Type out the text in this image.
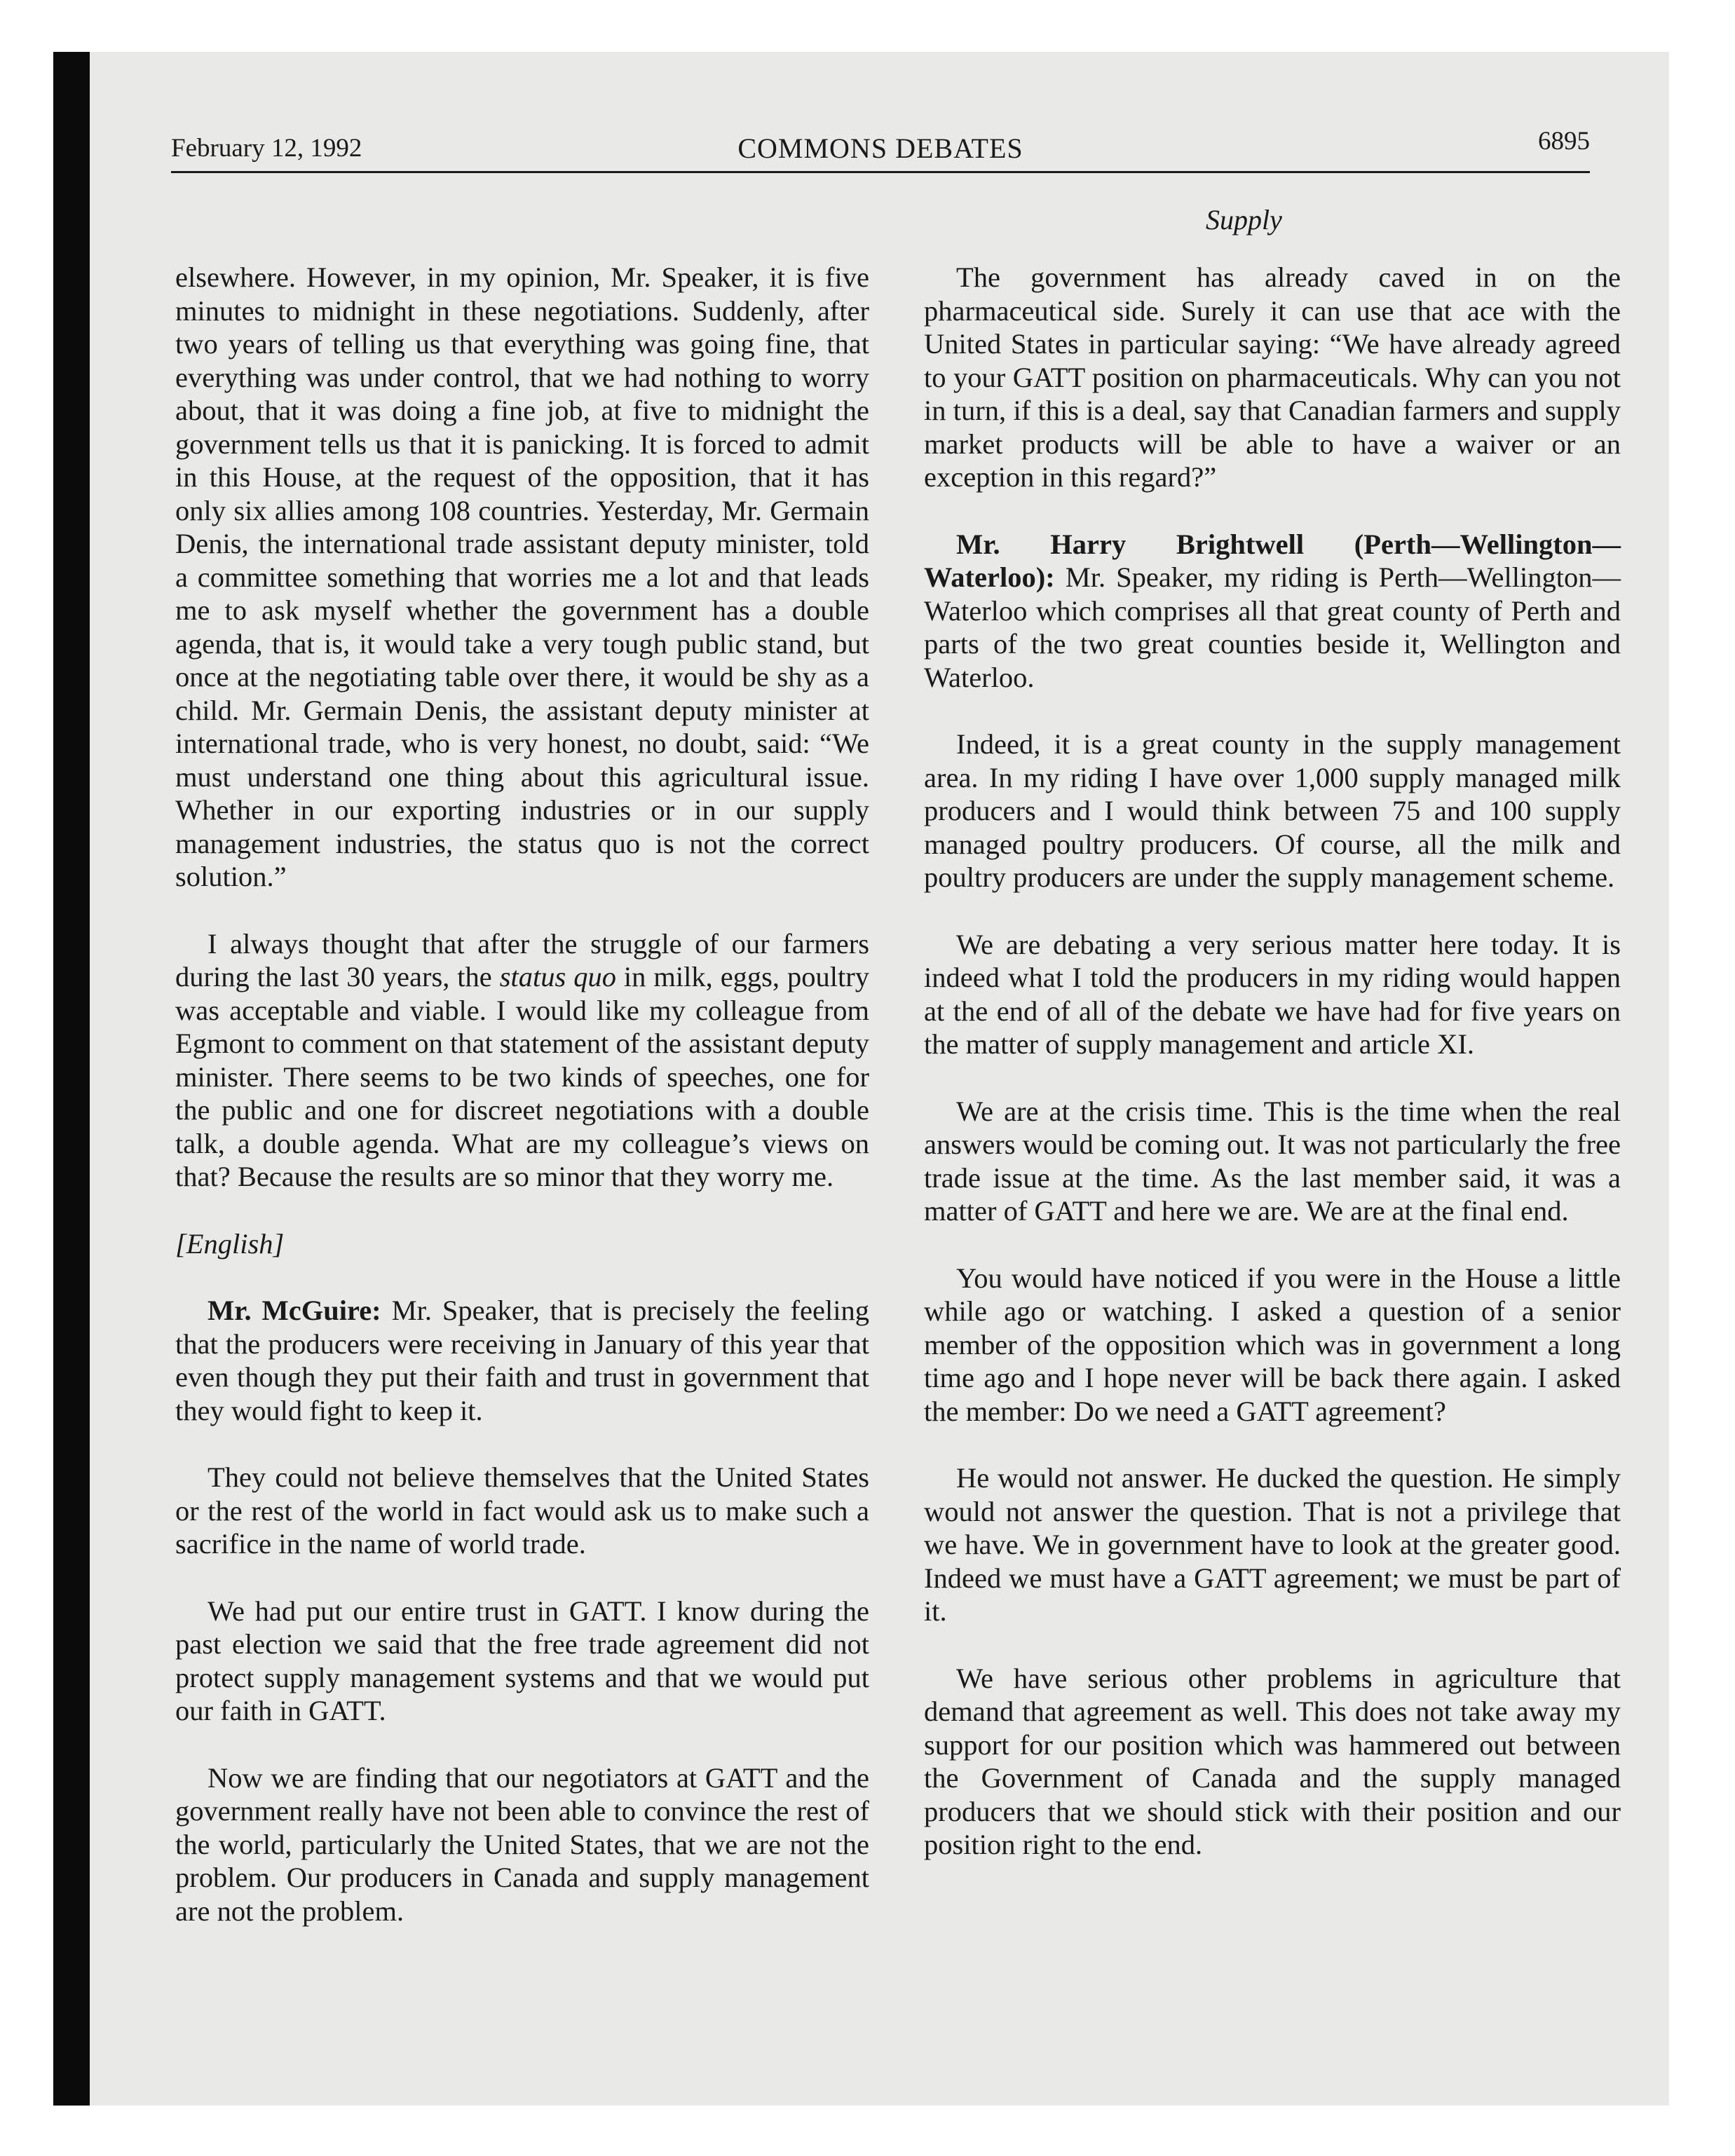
February 12, 1992	COMMONS DEBATES	6895
Supply

elsewhere. However, in my opinion, Mr. Speaker, it is five minutes to midnight in these negotiations. Suddenly, after two years of telling us that everything was going fine, that everything was under control, that we had nothing to worry about, that it was doing a fine job, at five to midnight the government tells us that it is panicking. It is forced to admit in this House, at the request of the opposition, that it has only six allies among 108 countries. Yesterday, Mr. Germain Denis, the international trade assistant deputy minister, told a committee something that worries me a lot and that leads me to ask myself whether the government has a double agenda, that is, it would take a very tough public stand, but once at the negotiating table over there, it would be shy as a child. Mr. Germain Denis, the assistant deputy minister at international trade, who is very honest, no doubt, said: “We must understand one thing about this agricultural issue. Whether in our exporting industries or in our supply management industries, the status quo is not the correct solution.”

I always thought that after the struggle of our farmers during the last 30 years, the status quo in milk, eggs, poultry was acceptable and viable. I would like my colleague from Egmont to comment on that statement of the assistant deputy minister. There seems to be two kinds of speeches, one for the public and one for discreet negotiations with a double talk, a double agenda. What are my colleague’s views on that? Because the results are so minor that they worry me.

[English]

Mr. McGuire: Mr. Speaker, that is precisely the feeling that the producers were receiving in January of this year that even though they put their faith and trust in government that they would fight to keep it.

They could not believe themselves that the United States or the rest of the world in fact would ask us to make such a sacrifice in the name of world trade.

We had put our entire trust in GATT. I know during the past election we said that the free trade agreement did not protect supply management systems and that we would put our faith in GATT.

Now we are finding that our negotiators at GATT and the government really have not been able to convince the rest of the world, particularly the United States, that we are not the problem. Our producers in Canada and supply management are not the problem.

The government has already caved in on the pharmaceutical side. Surely it can use that ace with the United States in particular saying: “We have already agreed to your GATT position on pharmaceuticals. Why can you not in turn, if this is a deal, say that Canadian farmers and supply market products will be able to have a waiver or an exception in this regard?”

Mr. Harry Brightwell (Perth—Wellington—Waterloo): Mr. Speaker, my riding is Perth—Wellington—Waterloo which comprises all that great county of Perth and parts of the two great counties beside it, Wellington and Waterloo.

Indeed, it is a great county in the supply management area. In my riding I have over 1,000 supply managed milk producers and I would think between 75 and 100 supply managed poultry producers. Of course, all the milk and poultry producers are under the supply management scheme.

We are debating a very serious matter here today. It is indeed what I told the producers in my riding would happen at the end of all of the debate we have had for five years on the matter of supply management and article XI.

We are at the crisis time. This is the time when the real answers would be coming out. It was not particularly the free trade issue at the time. As the last member said, it was a matter of GATT and here we are. We are at the final end.

You would have noticed if you were in the House a little while ago or watching. I asked a question of a senior member of the opposition which was in government a long time ago and I hope never will be back there again. I asked the member: Do we need a GATT agreement?

He would not answer. He ducked the question. He simply would not answer the question. That is not a privilege that we have. We in government have to look at the greater good. Indeed we must have a GATT agreement; we must be part of it.

We have serious other problems in agriculture that demand that agreement as well. This does not take away my support for our position which was hammered out between the Government of Canada and the supply managed producers that we should stick with their position and our position right to the end.
